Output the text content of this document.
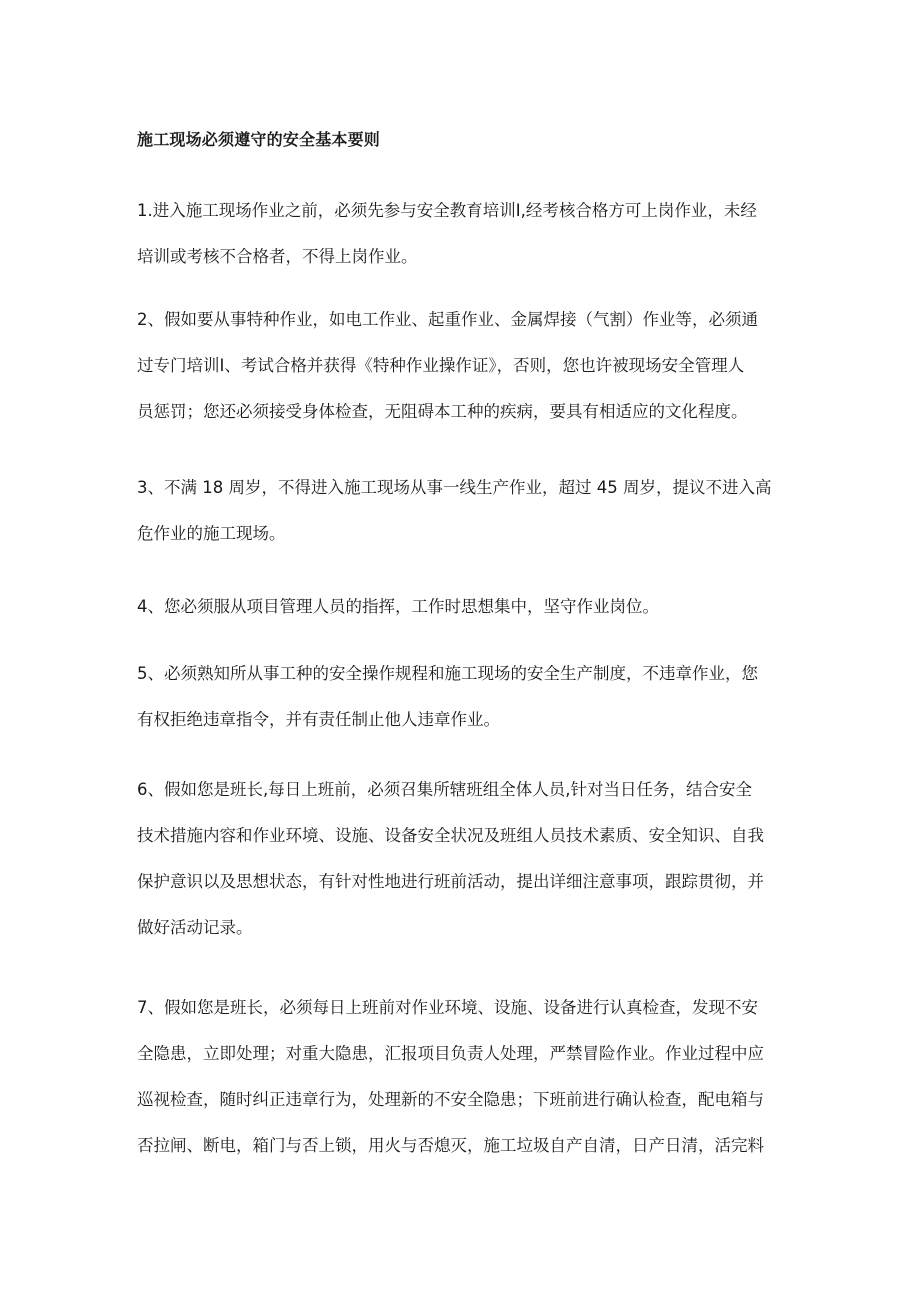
施工现场必须遵守的安全基本要则
1.进入施工现场作业之前，必须先参与安全教育培训Ⅰ,经考核合格方可上岗作业，未经
培训或考核不合格者，不得上岗作业。
2、假如要从事特种作业，如电工作业、起重作业、金属焊接（气割）作业等，必须通
过专门培训Ⅰ、考试合格并获得《特种作业操作证》，否则，您也许被现场安全管理人
员惩罚；您还必须接受身体检查，无阻碍本工种的疾病，要具有相适应的文化程度。
3、不满 18 周岁，不得进入施工现场从事一线生产作业，超过 45 周岁，提议不进入高
危作业的施工现场。
4、您必须服从项目管理人员的指挥，工作时思想集中，坚守作业岗位。
5、必须熟知所从事工种的安全操作规程和施工现场的安全生产制度，不违章作业，您
有权拒绝违章指令，并有责任制止他人违章作业。
6、假如您是班长,每日上班前，必须召集所辖班组全体人员,针对当日任务，结合安全
技术措施内容和作业环境、设施、设备安全状况及班组人员技术素质、安全知识、自我
保护意识以及思想状态，有针对性地进行班前活动，提出详细注意事项，跟踪贯彻，并
做好活动记录。
7、假如您是班长，必须每日上班前对作业环境、设施、设备进行认真检查，发现不安
全隐患，立即处理；对重大隐患，汇报项目负责人处理，严禁冒险作业。作业过程中应
巡视检查，随时纠正违章行为，处理新的不安全隐患；下班前进行确认检查，配电箱与
否拉闸、断电，箱门与否上锁，用火与否熄灭，施工垃圾自产自清，日产日清，活完料
